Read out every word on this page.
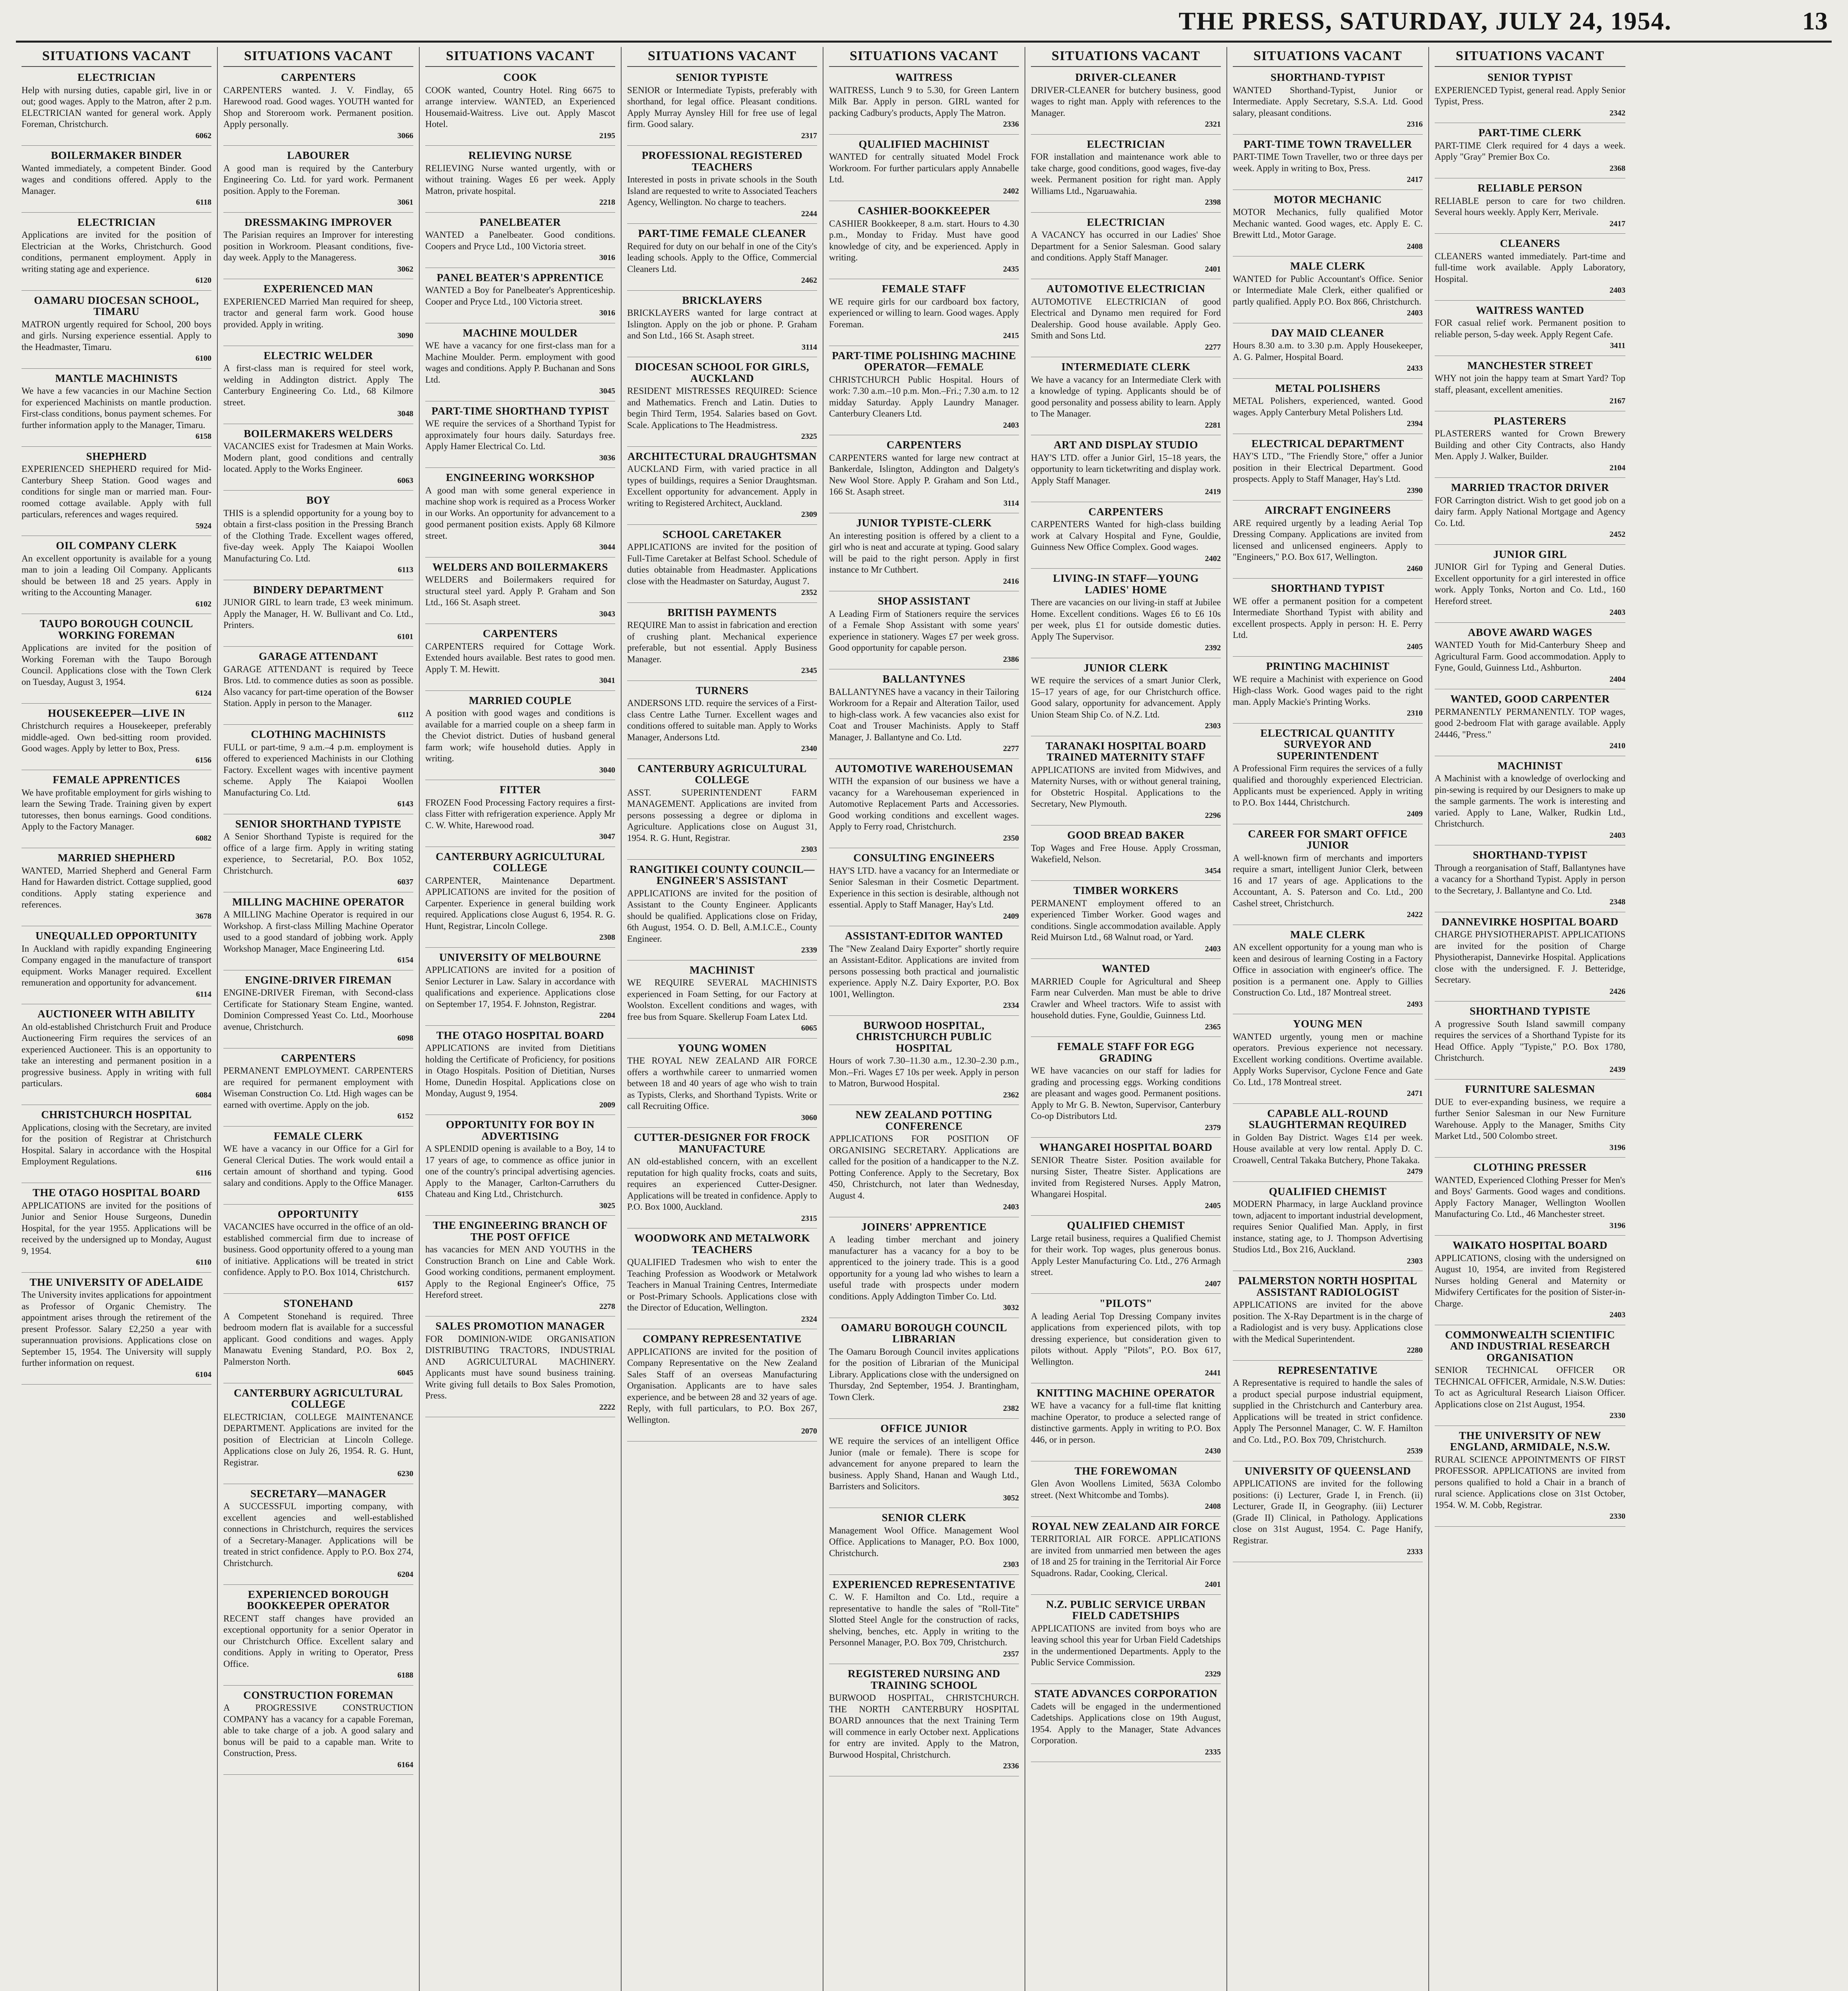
THE PRESS, SATURDAY, JULY 24, 1954.	13
SITUATIONS VACANT
ELECTRICIAN
Help with nursing duties, capable girl, live in or out; good wages. Apply to the Matron, after 2 p.m. ELECTRICIAN wanted for general work. Apply Foreman, Christchurch.
6062
BOILERMAKER BINDER
Wanted immediately, a competent Binder. Good wages and conditions offered. Apply to the Manager.
6118
ELECTRICIAN
Applications are invited for the position of Electrician at the Works, Christchurch. Good conditions, permanent employment. Apply in writing stating age and experience.
6120
OAMARU DIOCESAN SCHOOL, TIMARU
MATRON urgently required for School, 200 boys and girls. Nursing experience essential. Apply to the Headmaster, Timaru.
6100
MANTLE MACHINISTS
We have a few vacancies in our Machine Section for experienced Machinists on mantle production. First-class conditions, bonus payment schemes. For further information apply to the Manager, Timaru.
6158
SHEPHERD
EXPERIENCED SHEPHERD required for Mid-Canterbury Sheep Station. Good wages and conditions for single man or married man. Four-roomed cottage available. Apply with full particulars, references and wages required.
5924
OIL COMPANY CLERK
An excellent opportunity is available for a young man to join a leading Oil Company. Applicants should be between 18 and 25 years. Apply in writing to the Accounting Manager.
6102
TAUPO BOROUGH COUNCIL WORKING FOREMAN
Applications are invited for the position of Working Foreman with the Taupo Borough Council. Applications close with the Town Clerk on Tuesday, August 3, 1954.
6124
HOUSEKEEPER—LIVE IN
Christchurch requires a Housekeeper, preferably middle-aged. Own bed-sitting room provided. Good wages. Apply by letter to Box, Press.
6156
FEMALE APPRENTICES
We have profitable employment for girls wishing to learn the Sewing Trade. Training given by expert tutoresses, then bonus earnings. Good conditions. Apply to the Factory Manager.
6082
MARRIED SHEPHERD
WANTED, Married Shepherd and General Farm Hand for Hawarden district. Cottage supplied, good conditions. Apply stating experience and references.
3678
UNEQUALLED OPPORTUNITY
In Auckland with rapidly expanding Engineering Company engaged in the manufacture of transport equipment. Works Manager required. Excellent remuneration and opportunity for advancement.
6114
AUCTIONEER WITH ABILITY
An old-established Christchurch Fruit and Produce Auctioneering Firm requires the services of an experienced Auctioneer. This is an opportunity to take an interesting and permanent position in a progressive business. Apply in writing with full particulars.
6084
CHRISTCHURCH HOSPITAL
Applications, closing with the Secretary, are invited for the position of Registrar at Christchurch Hospital. Salary in accordance with the Hospital Employment Regulations.
6116
THE OTAGO HOSPITAL BOARD
APPLICATIONS are invited for the positions of Junior and Senior House Surgeons, Dunedin Hospital, for the year 1955. Applications will be received by the undersigned up to Monday, August 9, 1954.
6110
THE UNIVERSITY OF ADELAIDE
The University invites applications for appointment as Professor of Organic Chemistry. The appointment arises through the retirement of the present Professor. Salary £2,250 a year with superannuation provisions. Applications close on September 15, 1954. The University will supply further information on request.
6104
SITUATIONS VACANT
CARPENTERS
CARPENTERS wanted. J. V. Findlay, 65 Harewood road. Good wages. YOUTH wanted for Shop and Storeroom work. Permanent position. Apply personally.
3066
LABOURER
A good man is required by the Canterbury Engineering Co. Ltd. for yard work. Permanent position. Apply to the Foreman.
3061
DRESSMAKING IMPROVER
The Parisian requires an Improver for interesting position in Workroom. Pleasant conditions, five-day week. Apply to the Manageress.
3062
EXPERIENCED MAN
EXPERIENCED Married Man required for sheep, tractor and general farm work. Good house provided. Apply in writing.
3090
ELECTRIC WELDER
A first-class man is required for steel work, welding in Addington district. Apply The Canterbury Engineering Co. Ltd., 68 Kilmore street.
3048
BOILERMAKERS WELDERS
VACANCIES exist for Tradesmen at Main Works. Modern plant, good conditions and centrally located. Apply to the Works Engineer.
6063
BOY
THIS is a splendid opportunity for a young boy to obtain a first-class position in the Pressing Branch of the Clothing Trade. Excellent wages offered, five-day week. Apply The Kaiapoi Woollen Manufacturing Co. Ltd.
6113
BINDERY DEPARTMENT
JUNIOR GIRL to learn trade, £3 week minimum. Apply the Manager, H. W. Bullivant and Co. Ltd., Printers.
6101
GARAGE ATTENDANT
GARAGE ATTENDANT is required by Teece Bros. Ltd. to commence duties as soon as possible. Also vacancy for part-time operation of the Bowser Station. Apply in person to the Manager.
6112
CLOTHING MACHINISTS
FULL or part-time, 9 a.m.–4 p.m. employment is offered to experienced Machinists in our Clothing Factory. Excellent wages with incentive payment scheme. Apply The Kaiapoi Woollen Manufacturing Co. Ltd.
6143
SENIOR SHORTHAND TYPISTE
A Senior Shorthand Typiste is required for the office of a large firm. Apply in writing stating experience, to Secretarial, P.O. Box 1052, Christchurch.
6037
MILLING MACHINE OPERATOR
A MILLING Machine Operator is required in our Workshop. A first-class Milling Machine Operator used to a good standard of jobbing work. Apply Workshop Manager, Mace Engineering Ltd.
6154
ENGINE-DRIVER FIREMAN
ENGINE-DRIVER Fireman, with Second-class Certificate for Stationary Steam Engine, wanted. Dominion Compressed Yeast Co. Ltd., Moorhouse avenue, Christchurch.
6098
CARPENTERS
PERMANENT EMPLOYMENT. CARPENTERS are required for permanent employment with Wiseman Construction Co. Ltd. High wages can be earned with overtime. Apply on the job.
6152
FEMALE CLERK
WE have a vacancy in our Office for a Girl for General Clerical Duties. The work would entail a certain amount of shorthand and typing. Good salary and conditions. Apply to the Office Manager.
6155
OPPORTUNITY
VACANCIES have occurred in the office of an old-established commercial firm due to increase of business. Good opportunity offered to a young man of initiative. Applications will be treated in strict confidence. Apply to P.O. Box 1014, Christchurch.
6157
STONEHAND
A Competent Stonehand is required. Three bedroom modern flat is available for a successful applicant. Good conditions and wages. Apply Manawatu Evening Standard, P.O. Box 2, Palmerston North.
6045
CANTERBURY AGRICULTURAL COLLEGE
ELECTRICIAN, COLLEGE MAINTENANCE DEPARTMENT. Applications are invited for the position of Electrician at Lincoln College. Applications close on July 26, 1954. R. G. Hunt, Registrar.
6230
SECRETARY—MANAGER
A SUCCESSFUL importing company, with excellent agencies and well-established connections in Christchurch, requires the services of a Secretary-Manager. Applications will be treated in strict confidence. Apply to P.O. Box 274, Christchurch.
6204
EXPERIENCED BOROUGH BOOKKEEPER OPERATOR
RECENT staff changes have provided an exceptional opportunity for a senior Operator in our Christchurch Office. Excellent salary and conditions. Apply in writing to Operator, Press Office.
6188
CONSTRUCTION FOREMAN
A PROGRESSIVE CONSTRUCTION COMPANY has a vacancy for a capable Foreman, able to take charge of a job. A good salary and bonus will be paid to a capable man. Write to Construction, Press.
6164
SITUATIONS VACANT
COOK
COOK wanted, Country Hotel. Ring 6675 to arrange interview. WANTED, an Experienced Housemaid-Waitress. Live out. Apply Mascot Hotel.
2195
RELIEVING NURSE
RELIEVING Nurse wanted urgently, with or without training. Wages £6 per week. Apply Matron, private hospital.
2218
PANELBEATER
WANTED a Panelbeater. Good conditions. Coopers and Pryce Ltd., 100 Victoria street.
3016
PANEL BEATER'S APPRENTICE
WANTED a Boy for Panelbeater's Apprenticeship. Cooper and Pryce Ltd., 100 Victoria street.
3016
MACHINE MOULDER
WE have a vacancy for one first-class man for a Machine Moulder. Perm. employment with good wages and conditions. Apply P. Buchanan and Sons Ltd.
3045
PART-TIME SHORTHAND TYPIST
WE require the services of a Shorthand Typist for approximately four hours daily. Saturdays free. Apply Hamer Electrical Co. Ltd.
3036
ENGINEERING WORKSHOP
A good man with some general experience in machine shop work is required as a Process Worker in our Works. An opportunity for advancement to a good permanent position exists. Apply 68 Kilmore street.
3044
WELDERS AND BOILERMAKERS
WELDERS and Boilermakers required for structural steel yard. Apply P. Graham and Son Ltd., 166 St. Asaph street.
3043
CARPENTERS
CARPENTERS required for Cottage Work. Extended hours available. Best rates to good men. Apply T. M. Hewitt.
3041
MARRIED COUPLE
A position with good wages and conditions is available for a married couple on a sheep farm in the Cheviot district. Duties of husband general farm work; wife household duties. Apply in writing.
3040
FITTER
FROZEN Food Processing Factory requires a first-class Fitter with refrigeration experience. Apply Mr C. W. White, Harewood road.
3047
CANTERBURY AGRICULTURAL COLLEGE
CARPENTER, Maintenance Department. APPLICATIONS are invited for the position of Carpenter. Experience in general building work required. Applications close August 6, 1954. R. G. Hunt, Registrar, Lincoln College.
2308
UNIVERSITY OF MELBOURNE
APPLICATIONS are invited for a position of Senior Lecturer in Law. Salary in accordance with qualifications and experience. Applications close on September 17, 1954. F. Johnston, Registrar.
2204
THE OTAGO HOSPITAL BOARD
APPLICATIONS are invited from Dietitians holding the Certificate of Proficiency, for positions in Otago Hospitals. Position of Dietitian, Nurses Home, Dunedin Hospital. Applications close on Monday, August 9, 1954.
2009
OPPORTUNITY FOR BOY IN ADVERTISING
A SPLENDID opening is available to a Boy, 14 to 17 years of age, to commence as office junior in one of the country's principal advertising agencies. Apply to the Manager, Carlton-Carruthers du Chateau and King Ltd., Christchurch.
3025
THE ENGINEERING BRANCH OF THE POST OFFICE
has vacancies for MEN AND YOUTHS in the Construction Branch on Line and Cable Work. Good working conditions, permanent employment. Apply to the Regional Engineer's Office, 75 Hereford street.
2278
SALES PROMOTION MANAGER
FOR DOMINION-WIDE ORGANISATION DISTRIBUTING TRACTORS, INDUSTRIAL AND AGRICULTURAL MACHINERY. Applicants must have sound business training. Write giving full details to Box Sales Promotion, Press.
2222
SITUATIONS VACANT
SENIOR TYPISTE
SENIOR or Intermediate Typists, preferably with shorthand, for legal office. Pleasant conditions. Apply Murray Aynsley Hill for free use of legal firm. Good salary.
2317
PROFESSIONAL REGISTERED TEACHERS
Interested in posts in private schools in the South Island are requested to write to Associated Teachers Agency, Wellington. No charge to teachers.
2244
PART-TIME FEMALE CLEANER
Required for duty on our behalf in one of the City's leading schools. Apply to the Office, Commercial Cleaners Ltd.
2462
BRICKLAYERS
BRICKLAYERS wanted for large contract at Islington. Apply on the job or phone. P. Graham and Son Ltd., 166 St. Asaph street.
3114
DIOCESAN SCHOOL FOR GIRLS, AUCKLAND
RESIDENT MISTRESSES REQUIRED: Science and Mathematics. French and Latin. Duties to begin Third Term, 1954. Salaries based on Govt. Scale. Applications to The Headmistress.
2325
ARCHITECTURAL DRAUGHTSMAN
AUCKLAND Firm, with varied practice in all types of buildings, requires a Senior Draughtsman. Excellent opportunity for advancement. Apply in writing to Registered Architect, Auckland.
2309
SCHOOL CARETAKER
APPLICATIONS are invited for the position of Full-Time Caretaker at Belfast School. Schedule of duties obtainable from Headmaster. Applications close with the Headmaster on Saturday, August 7.
2352
BRITISH PAYMENTS
REQUIRE Man to assist in fabrication and erection of crushing plant. Mechanical experience preferable, but not essential. Apply Business Manager.
2345
TURNERS
ANDERSONS LTD. require the services of a First-class Centre Lathe Turner. Excellent wages and conditions offered to suitable man. Apply to Works Manager, Andersons Ltd.
2340
CANTERBURY AGRICULTURAL COLLEGE
ASST. SUPERINTENDENT FARM MANAGEMENT. Applications are invited from persons possessing a degree or diploma in Agriculture. Applications close on August 31, 1954. R. G. Hunt, Registrar.
2303
RANGITIKEI COUNTY COUNCIL—ENGINEER'S ASSISTANT
APPLICATIONS are invited for the position of Assistant to the County Engineer. Applicants should be qualified. Applications close on Friday, 6th August, 1954. O. D. Bell, A.M.I.C.E., County Engineer.
2339
MACHINIST
WE REQUIRE SEVERAL MACHINISTS experienced in Foam Setting, for our Factory at Woolston. Excellent conditions and wages, with free bus from Square. Skellerup Foam Latex Ltd.
6065
YOUNG WOMEN
THE ROYAL NEW ZEALAND AIR FORCE offers a worthwhile career to unmarried women between 18 and 40 years of age who wish to train as Typists, Clerks, and Shorthand Typists. Write or call Recruiting Office.
3060
CUTTER-DESIGNER FOR FROCK MANUFACTURE
AN old-established concern, with an excellent reputation for high quality frocks, coats and suits, requires an experienced Cutter-Designer. Applications will be treated in confidence. Apply to P.O. Box 1000, Auckland.
2315
WOODWORK AND METALWORK TEACHERS
QUALIFIED Tradesmen who wish to enter the Teaching Profession as Woodwork or Metalwork Teachers in Manual Training Centres, Intermediate or Post-Primary Schools. Applications close with the Director of Education, Wellington.
2324
COMPANY REPRESENTATIVE
APPLICATIONS are invited for the position of Company Representative on the New Zealand Sales Staff of an overseas Manufacturing Organisation. Applicants are to have sales experience, and be between 28 and 32 years of age. Reply, with full particulars, to P.O. Box 267, Wellington.
2070
SITUATIONS VACANT
WAITRESS
WAITRESS, Lunch 9 to 5.30, for Green Lantern Milk Bar. Apply in person. GIRL wanted for packing Cadbury's products, Apply The Matron.
2336
QUALIFIED MACHINIST
WANTED for centrally situated Model Frock Workroom. For further particulars apply Annabelle Ltd.
2402
CASHIER-BOOKKEEPER
CASHIER Bookkeeper, 8 a.m. start. Hours to 4.30 p.m., Monday to Friday. Must have good knowledge of city, and be experienced. Apply in writing.
2435
FEMALE STAFF
WE require girls for our cardboard box factory, experienced or willing to learn. Good wages. Apply Foreman.
2415
PART-TIME POLISHING MACHINE OPERATOR—FEMALE
CHRISTCHURCH Public Hospital. Hours of work: 7.30 a.m.–10 p.m. Mon.–Fri.; 7.30 a.m. to 12 midday Saturday. Apply Laundry Manager. Canterbury Cleaners Ltd.
2403
CARPENTERS
CARPENTERS wanted for large new contract at Bankerdale, Islington, Addington and Dalgety's New Wool Store. Apply P. Graham and Son Ltd., 166 St. Asaph street.
3114
JUNIOR TYPISTE-CLERK
An interesting position is offered by a client to a girl who is neat and accurate at typing. Good salary will be paid to the right person. Apply in first instance to Mr Cuthbert.
2416
SHOP ASSISTANT
A Leading Firm of Stationers require the services of a Female Shop Assistant with some years' experience in stationery. Wages £7 per week gross. Good opportunity for capable person.
2386
BALLANTYNES
BALLANTYNES have a vacancy in their Tailoring Workroom for a Repair and Alteration Tailor, used to high-class work. A few vacancies also exist for Coat and Trouser Machinists. Apply to Staff Manager, J. Ballantyne and Co. Ltd.
2277
AUTOMOTIVE WAREHOUSEMAN
WITH the expansion of our business we have a vacancy for a Warehouseman experienced in Automotive Replacement Parts and Accessories. Good working conditions and excellent wages. Apply to Ferry road, Christchurch.
2350
CONSULTING ENGINEERS
HAY'S LTD. have a vacancy for an Intermediate or Senior Salesman in their Cosmetic Department. Experience in this section is desirable, although not essential. Apply to Staff Manager, Hay's Ltd.
2409
ASSISTANT-EDITOR WANTED
The "New Zealand Dairy Exporter" shortly require an Assistant-Editor. Applications are invited from persons possessing both practical and journalistic experience. Apply N.Z. Dairy Exporter, P.O. Box 1001, Wellington.
2334
BURWOOD HOSPITAL, CHRISTCHURCH PUBLIC HOSPITAL
Hours of work 7.30–11.30 a.m., 12.30–2.30 p.m., Mon.–Fri. Wages £7 10s per week. Apply in person to Matron, Burwood Hospital.
2362
NEW ZEALAND POTTING CONFERENCE
APPLICATIONS FOR POSITION OF ORGANISING SECRETARY. Applications are called for the position of a handicapper to the N.Z. Potting Conference. Apply to the Secretary, Box 450, Christchurch, not later than Wednesday, August 4.
2403
JOINERS' APPRENTICE
A leading timber merchant and joinery manufacturer has a vacancy for a boy to be apprenticed to the joinery trade. This is a good opportunity for a young lad who wishes to learn a useful trade with prospects under modern conditions. Apply Addington Timber Co. Ltd.
3032
OAMARU BOROUGH COUNCIL LIBRARIAN
The Oamaru Borough Council invites applications for the position of Librarian of the Municipal Library. Applications close with the undersigned on Thursday, 2nd September, 1954. J. Brantingham, Town Clerk.
2382
OFFICE JUNIOR
WE require the services of an intelligent Office Junior (male or female). There is scope for advancement for anyone prepared to learn the business. Apply Shand, Hanan and Waugh Ltd., Barristers and Solicitors.
3052
SENIOR CLERK
Management Wool Office. Management Wool Office. Applications to Manager, P.O. Box 1000, Christchurch.
2303
EXPERIENCED REPRESENTATIVE
C. W. F. Hamilton and Co. Ltd., require a representative to handle the sales of "Roll-Tite" Slotted Steel Angle for the construction of racks, shelving, benches, etc. Apply in writing to the Personnel Manager, P.O. Box 709, Christchurch.
2357
REGISTERED NURSING AND TRAINING SCHOOL
BURWOOD HOSPITAL, CHRISTCHURCH. THE NORTH CANTERBURY HOSPITAL BOARD announces that the next Training Term will commence in early October next. Applications for entry are invited. Apply to the Matron, Burwood Hospital, Christchurch.
2336
SITUATIONS VACANT
DRIVER-CLEANER
DRIVER-CLEANER for butchery business, good wages to right man. Apply with references to the Manager.
2321
ELECTRICIAN
FOR installation and maintenance work able to take charge, good conditions, good wages, five-day week. Permanent position for right man. Apply Williams Ltd., Ngaruawahia.
2398
ELECTRICIAN
A VACANCY has occurred in our Ladies' Shoe Department for a Senior Salesman. Good salary and conditions. Apply Staff Manager.
2401
AUTOMOTIVE ELECTRICIAN
AUTOMOTIVE ELECTRICIAN of good Electrical and Dynamo men required for Ford Dealership. Good house available. Apply Geo. Smith and Sons Ltd.
2277
INTERMEDIATE CLERK
We have a vacancy for an Intermediate Clerk with a knowledge of typing. Applicants should be of good personality and possess ability to learn. Apply to The Manager.
2281
ART AND DISPLAY STUDIO
HAY'S LTD. offer a Junior Girl, 15–18 years, the opportunity to learn ticketwriting and display work. Apply Staff Manager.
2419
CARPENTERS
CARPENTERS Wanted for high-class building work at Calvary Hospital and Fyne, Gouldie, Guinness New Office Complex. Good wages.
2402
LIVING-IN STAFF—YOUNG LADIES' HOME
There are vacancies on our living-in staff at Jubilee Home. Excellent conditions. Wages £6 to £6 10s per week, plus £1 for outside domestic duties. Apply The Supervisor.
2392
JUNIOR CLERK
WE require the services of a smart Junior Clerk, 15–17 years of age, for our Christchurch office. Good salary, opportunity for advancement. Apply Union Steam Ship Co. of N.Z. Ltd.
2303
TARANAKI HOSPITAL BOARD TRAINED MATERNITY STAFF
APPLICATIONS are invited from Midwives, and Maternity Nurses, with or without general training, for Obstetric Hospital. Applications to the Secretary, New Plymouth.
2296
GOOD BREAD BAKER
Top Wages and Free House. Apply Crossman, Wakefield, Nelson.
3454
TIMBER WORKERS
PERMANENT employment offered to an experienced Timber Worker. Good wages and conditions. Single accommodation available. Apply Reid Muirson Ltd., 68 Walnut road, or Yard.
2403
WANTED
MARRIED Couple for Agricultural and Sheep Farm near Culverden. Man must be able to drive Crawler and Wheel tractors. Wife to assist with household duties. Fyne, Gouldie, Guinness Ltd.
2365
FEMALE STAFF FOR EGG GRADING
WE have vacancies on our staff for ladies for grading and processing eggs. Working conditions are pleasant and wages good. Permanent positions. Apply to Mr G. B. Newton, Supervisor, Canterbury Co-op Distributors Ltd.
2379
WHANGAREI HOSPITAL BOARD
SENIOR Theatre Sister. Position available for nursing Sister, Theatre Sister. Applications are invited from Registered Nurses. Apply Matron, Whangarei Hospital.
2405
QUALIFIED CHEMIST
Large retail business, requires a Qualified Chemist for their work. Top wages, plus generous bonus. Apply Lester Manufacturing Co. Ltd., 276 Armagh street.
2407
"PILOTS"
A leading Aerial Top Dressing Company invites applications from experienced pilots, with top dressing experience, but consideration given to pilots without. Apply "Pilots", P.O. Box 617, Wellington.
2441
KNITTING MACHINE OPERATOR
WE have a vacancy for a full-time flat knitting machine Operator, to produce a selected range of distinctive garments. Apply in writing to P.O. Box 446, or in person.
2430
THE FOREWOMAN
Glen Avon Woollens Limited, 563A Colombo street. (Next Whitcombe and Tombs).
2408
ROYAL NEW ZEALAND AIR FORCE
TERRITORIAL AIR FORCE. APPLICATIONS are invited from unmarried men between the ages of 18 and 25 for training in the Territorial Air Force Squadrons. Radar, Cooking, Clerical.
2401
N.Z. PUBLIC SERVICE URBAN FIELD CADETSHIPS
APPLICATIONS are invited from boys who are leaving school this year for Urban Field Cadetships in the undermentioned Departments. Apply to the Public Service Commission.
2329
STATE ADVANCES CORPORATION
Cadets will be engaged in the undermentioned Cadetships. Applications close on 19th August, 1954. Apply to the Manager, State Advances Corporation.
2335
SITUATIONS VACANT
SHORTHAND-TYPIST
WANTED Shorthand-Typist, Junior or Intermediate. Apply Secretary, S.S.A. Ltd. Good salary, pleasant conditions.
2316
PART-TIME TOWN TRAVELLER
PART-TIME Town Traveller, two or three days per week. Apply in writing to Box, Press.
2417
MOTOR MECHANIC
MOTOR Mechanics, fully qualified Motor Mechanic wanted. Good wages, etc. Apply E. C. Brewitt Ltd., Motor Garage.
2408
MALE CLERK
WANTED for Public Accountant's Office. Senior or Intermediate Male Clerk, either qualified or partly qualified. Apply P.O. Box 866, Christchurch.
2403
DAY MAID CLEANER
Hours 8.30 a.m. to 3.30 p.m. Apply Housekeeper, A. G. Palmer, Hospital Board.
2433
METAL POLISHERS
METAL Polishers, experienced, wanted. Good wages. Apply Canterbury Metal Polishers Ltd.
2394
ELECTRICAL DEPARTMENT
HAY'S LTD., "The Friendly Store," offer a Junior position in their Electrical Department. Good prospects. Apply to Staff Manager, Hay's Ltd.
2390
AIRCRAFT ENGINEERS
ARE required urgently by a leading Aerial Top Dressing Company. Applications are invited from licensed and unlicensed engineers. Apply to "Engineers," P.O. Box 617, Wellington.
2460
SHORTHAND TYPIST
WE offer a permanent position for a competent Intermediate Shorthand Typist with ability and excellent prospects. Apply in person: H. E. Perry Ltd.
2405
PRINTING MACHINIST
WE require a Machinist with experience on Good High-class Work. Good wages paid to the right man. Apply Mackie's Printing Works.
2310
ELECTRICAL QUANTITY SURVEYOR AND SUPERINTENDENT
A Professional Firm requires the services of a fully qualified and thoroughly experienced Electrician. Applicants must be experienced. Apply in writing to P.O. Box 1444, Christchurch.
2409
CAREER FOR SMART OFFICE JUNIOR
A well-known firm of merchants and importers require a smart, intelligent Junior Clerk, between 16 and 17 years of age. Applications to the Accountant, A. S. Paterson and Co. Ltd., 200 Cashel street, Christchurch.
2422
MALE CLERK
AN excellent opportunity for a young man who is keen and desirous of learning Costing in a Factory Office in association with engineer's office. The position is a permanent one. Apply to Gillies Construction Co. Ltd., 187 Montreal street.
2493
YOUNG MEN
WANTED urgently, young men or machine operators. Previous experience not necessary. Excellent working conditions. Overtime available. Apply Works Supervisor, Cyclone Fence and Gate Co. Ltd., 178 Montreal street.
2471
CAPABLE ALL-ROUND SLAUGHTERMAN REQUIRED
in Golden Bay District. Wages £14 per week. House available at very low rental. Apply D. C. Croawell, Central Takaka Butchery, Phone Takaka.
2479
QUALIFIED CHEMIST
MODERN Pharmacy, in large Auckland province town, adjacent to important industrial development, requires Senior Qualified Man. Apply, in first instance, stating age, to J. Thompson Advertising Studios Ltd., Box 216, Auckland.
2303
PALMERSTON NORTH HOSPITAL ASSISTANT RADIOLOGIST
APPLICATIONS are invited for the above position. The X-Ray Department is in the charge of a Radiologist and is very busy. Applications close with the Medical Superintendent.
2280
REPRESENTATIVE
A Representative is required to handle the sales of a product special purpose industrial equipment, supplied in the Christchurch and Canterbury area. Applications will be treated in strict confidence. Apply The Personnel Manager, C. W. F. Hamilton and Co. Ltd., P.O. Box 709, Christchurch.
2539
UNIVERSITY OF QUEENSLAND
APPLICATIONS are invited for the following positions: (i) Lecturer, Grade I, in French. (ii) Lecturer, Grade II, in Geography. (iii) Lecturer (Grade II) Clinical, in Pathology. Applications close on 31st August, 1954. C. Page Hanify, Registrar.
2333
SITUATIONS VACANT
SENIOR TYPIST
EXPERIENCED Typist, general read. Apply Senior Typist, Press.
2342
PART-TIME CLERK
PART-TIME Clerk required for 4 days a week. Apply "Gray" Premier Box Co.
2368
RELIABLE PERSON
RELIABLE person to care for two children. Several hours weekly. Apply Kerr, Merivale.
2417
CLEANERS
CLEANERS wanted immediately. Part-time and full-time work available. Apply Laboratory, Hospital.
2403
WAITRESS WANTED
FOR casual relief work. Permanent position to reliable person, 5-day week. Apply Regent Cafe.
3411
MANCHESTER STREET
WHY not join the happy team at Smart Yard? Top staff, pleasant, excellent amenities.
2167
PLASTERERS
PLASTERERS wanted for Crown Brewery Building and other City Contracts, also Handy Men. Apply J. Walker, Builder.
2104
MARRIED TRACTOR DRIVER
FOR Carrington district. Wish to get good job on a dairy farm. Apply National Mortgage and Agency Co. Ltd.
2452
JUNIOR GIRL
JUNIOR Girl for Typing and General Duties. Excellent opportunity for a girl interested in office work. Apply Tonks, Norton and Co. Ltd., 160 Hereford street.
2403
ABOVE AWARD WAGES
WANTED Youth for Mid-Canterbury Sheep and Agricultural Farm. Good accommodation. Apply to Fyne, Gould, Guinness Ltd., Ashburton.
2404
WANTED, GOOD CARPENTER
PERMANENTLY PERMANENTLY. TOP wages, good 2-bedroom Flat with garage available. Apply 24446, "Press."
2410
MACHINIST
A Machinist with a knowledge of overlocking and pin-sewing is required by our Designers to make up the sample garments. The work is interesting and varied. Apply to Lane, Walker, Rudkin Ltd., Christchurch.
2403
SHORTHAND-TYPIST
Through a reorganisation of Staff, Ballantynes have a vacancy for a Shorthand Typist. Apply in person to the Secretary, J. Ballantyne and Co. Ltd.
2348
DANNEVIRKE HOSPITAL BOARD
CHARGE PHYSIOTHERAPIST. APPLICATIONS are invited for the position of Charge Physiotherapist, Dannevirke Hospital. Applications close with the undersigned. F. J. Betteridge, Secretary.
2426
SHORTHAND TYPISTE
A progressive South Island sawmill company requires the services of a Shorthand Typiste for its Head Office. Apply "Typiste," P.O. Box 1780, Christchurch.
2439
FURNITURE SALESMAN
DUE to ever-expanding business, we require a further Senior Salesman in our New Furniture Warehouse. Apply to the Manager, Smiths City Market Ltd., 500 Colombo street.
3196
CLOTHING PRESSER
WANTED, Experienced Clothing Presser for Men's and Boys' Garments. Good wages and conditions. Apply Factory Manager, Wellington Woollen Manufacturing Co. Ltd., 46 Manchester street.
3196
WAIKATO HOSPITAL BOARD
APPLICATIONS, closing with the undersigned on August 10, 1954, are invited from Registered Nurses holding General and Maternity or Midwifery Certificates for the position of Sister-in-Charge.
2403
COMMONWEALTH SCIENTIFIC AND INDUSTRIAL RESEARCH ORGANISATION
SENIOR TECHNICAL OFFICER OR TECHNICAL OFFICER, Armidale, N.S.W. Duties: To act as Agricultural Research Liaison Officer. Applications close on 21st August, 1954.
2330
THE UNIVERSITY OF NEW ENGLAND, ARMIDALE, N.S.W.
RURAL SCIENCE APPOINTMENTS OF FIRST PROFESSOR. APPLICATIONS are invited from persons qualified to hold a Chair in a branch of rural science. Applications close on 31st October, 1954. W. M. Cobb, Registrar.
2330
